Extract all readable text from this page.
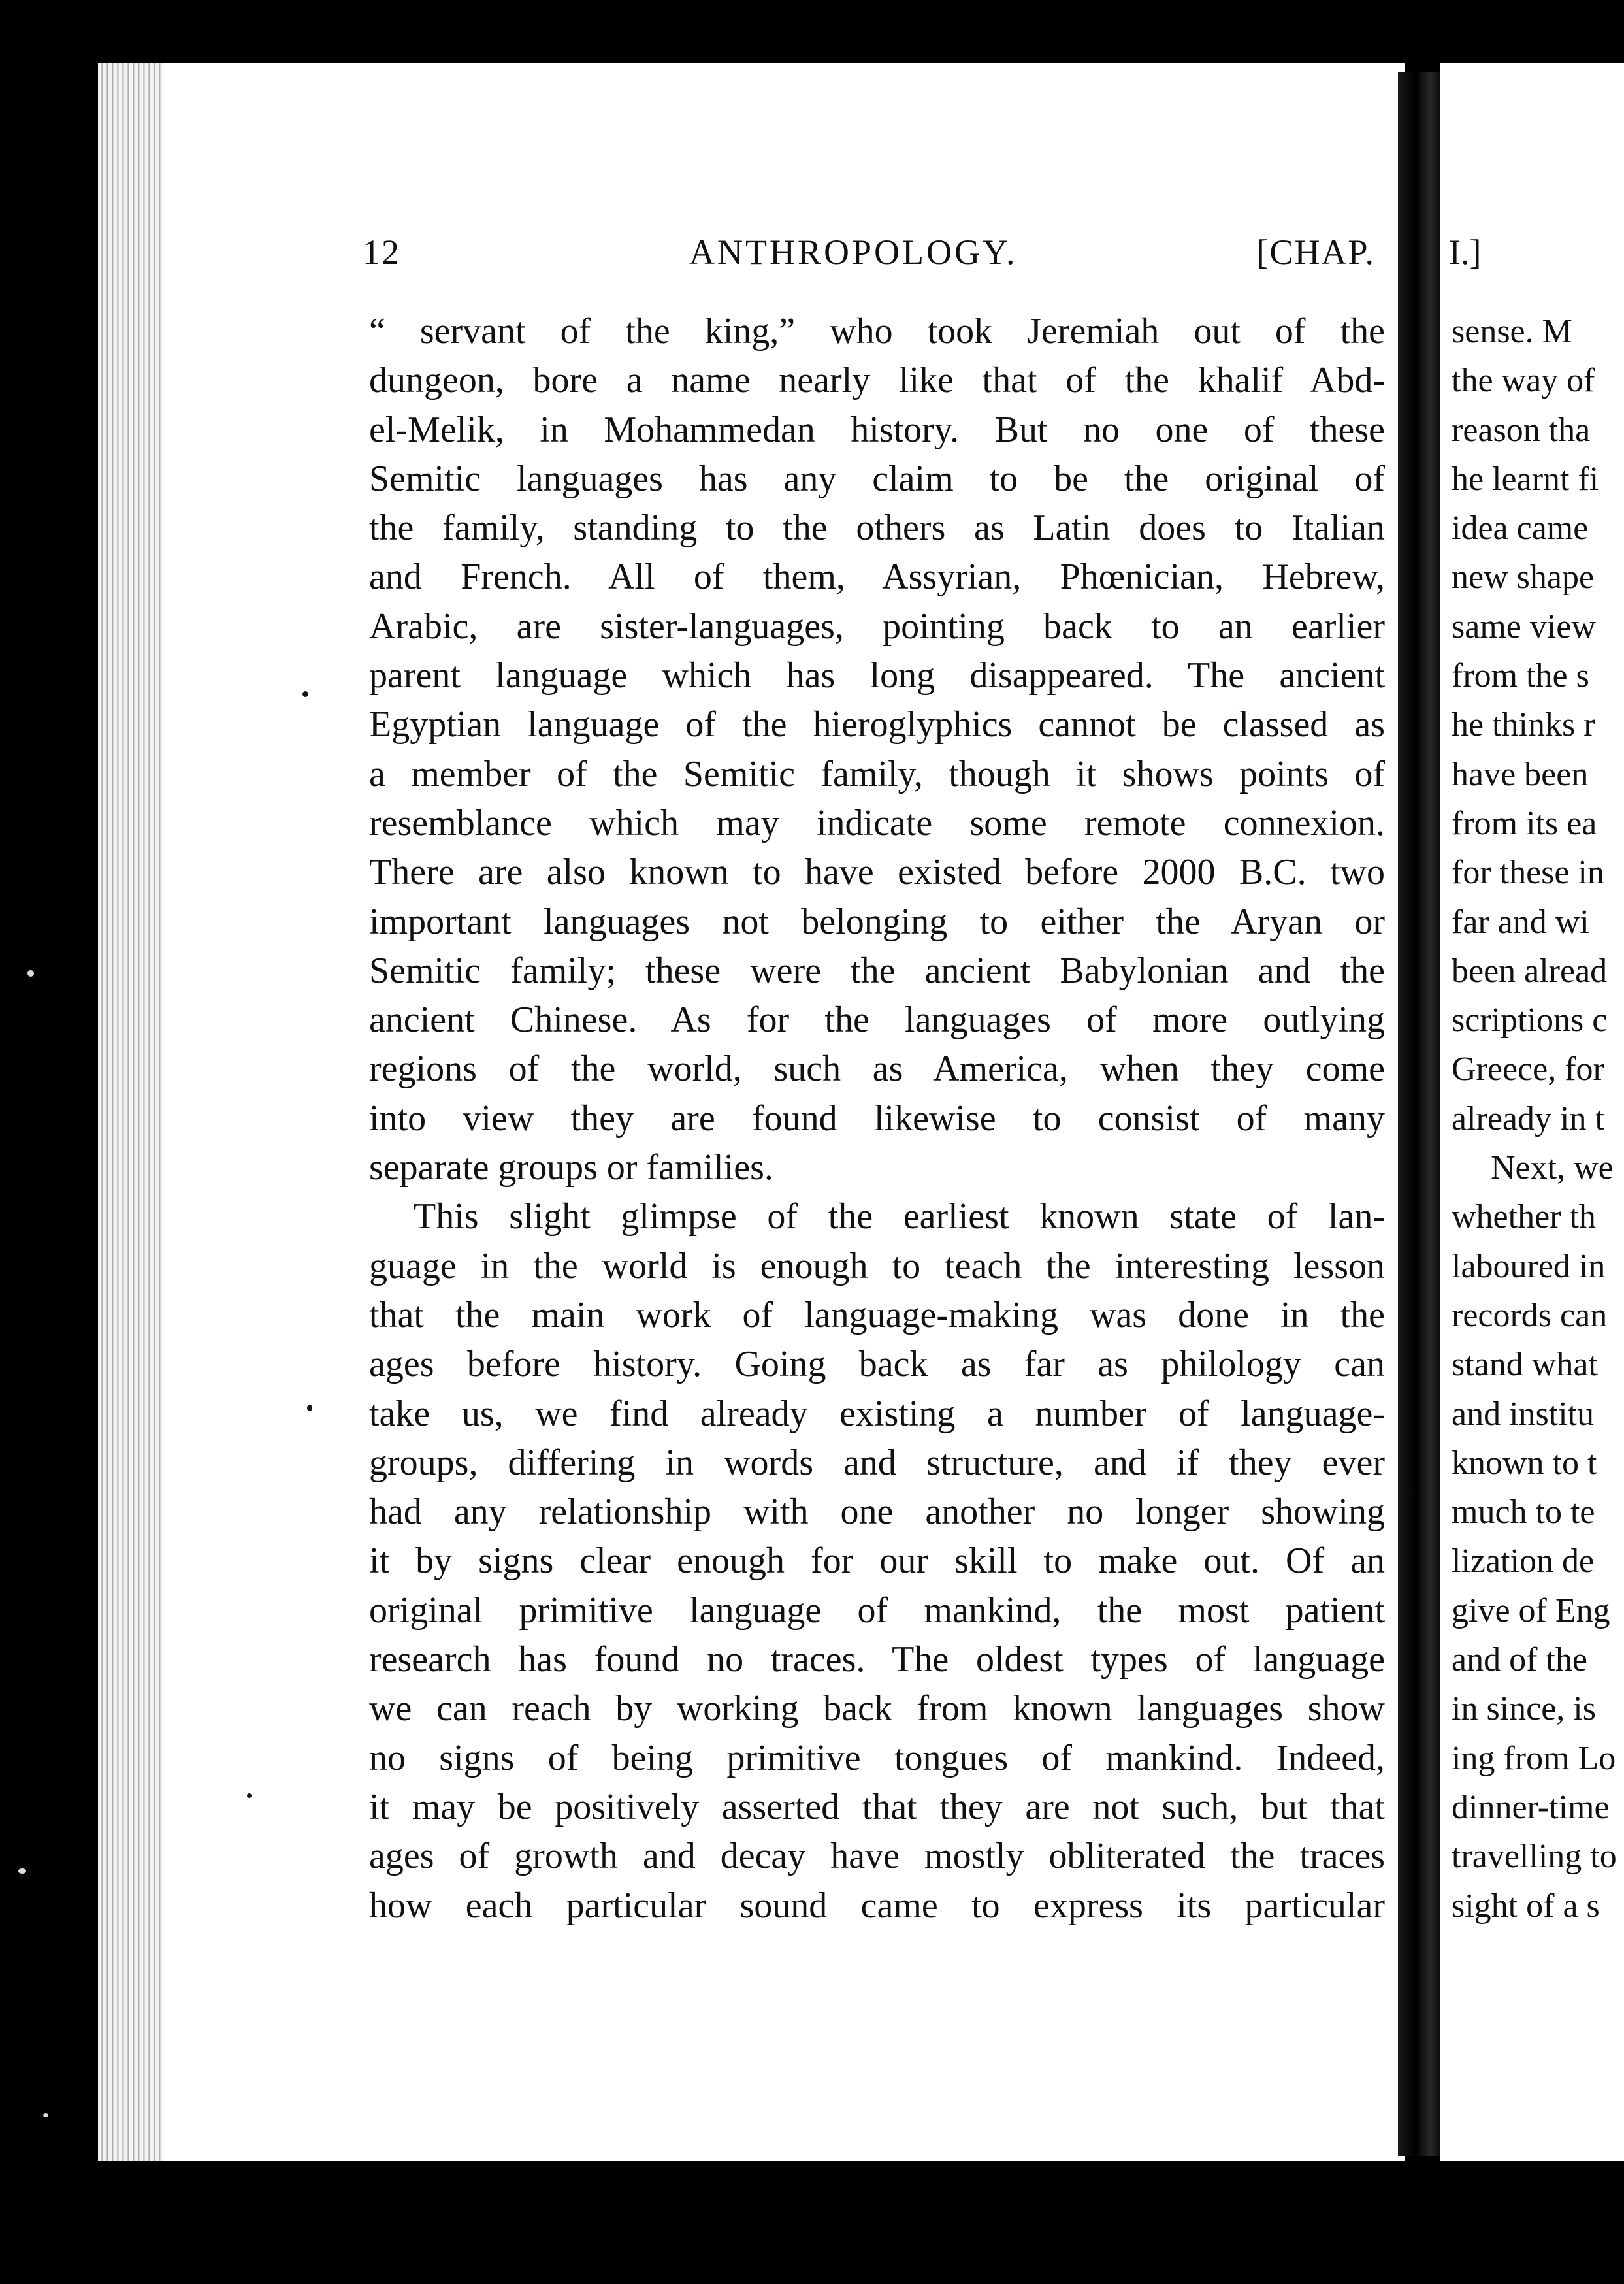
12	ANTHROPOLOGY.	[CHAP.
“ servant of the king,” who took Jeremiah out of the
dungeon, bore a name nearly like that of the khalif Abd-
el-Melik, in Mohammedan history. But no one of these
Semitic languages has any claim to be the original of
the family, standing to the others as Latin does to Italian
and French. All of them, Assyrian, Phœnician, Hebrew,
Arabic, are sister-languages, pointing back to an earlier
parent language which has long disappeared. The ancient
Egyptian language of the hieroglyphics cannot be classed as
a member of the Semitic family, though it shows points of
resemblance which may indicate some remote connexion.
There are also known to have existed before 2000 B.C. two
important languages not belonging to either the Aryan or
Semitic family; these were the ancient Babylonian and the
ancient Chinese. As for the languages of more outlying
regions of the world, such as America, when they come
into view they are found likewise to consist of many
separate groups or families.
This slight glimpse of the earliest known state of lan-
guage in the world is enough to teach the interesting lesson
that the main work of language-making was done in the
ages before history. Going back as far as philology can
take us, we find already existing a number of language-
groups, differing in words and structure, and if they ever
had any relationship with one another no longer showing
it by signs clear enough for our skill to make out. Of an
original primitive language of mankind, the most patient
research has found no traces. The oldest types of language
we can reach by working back from known languages show
no signs of being primitive tongues of mankind. Indeed,
it may be positively asserted that they are not such, but that
ages of growth and decay have mostly obliterated the traces
how each particular sound came to express its particular
I.]
sense. M
the way of
reason tha
he learnt fi
idea came
new shape
same view
from the s
he thinks r
have been
from its ea
for these in
far and wi
been alread
scriptions c
Greece, for
already in t
Next, we
whether th
laboured in
records can
stand what
and institu
known to t
much to te
lization de
give of Eng
and of the
in since, is
ing from Lo
dinner-time
travelling to
sight of a s
